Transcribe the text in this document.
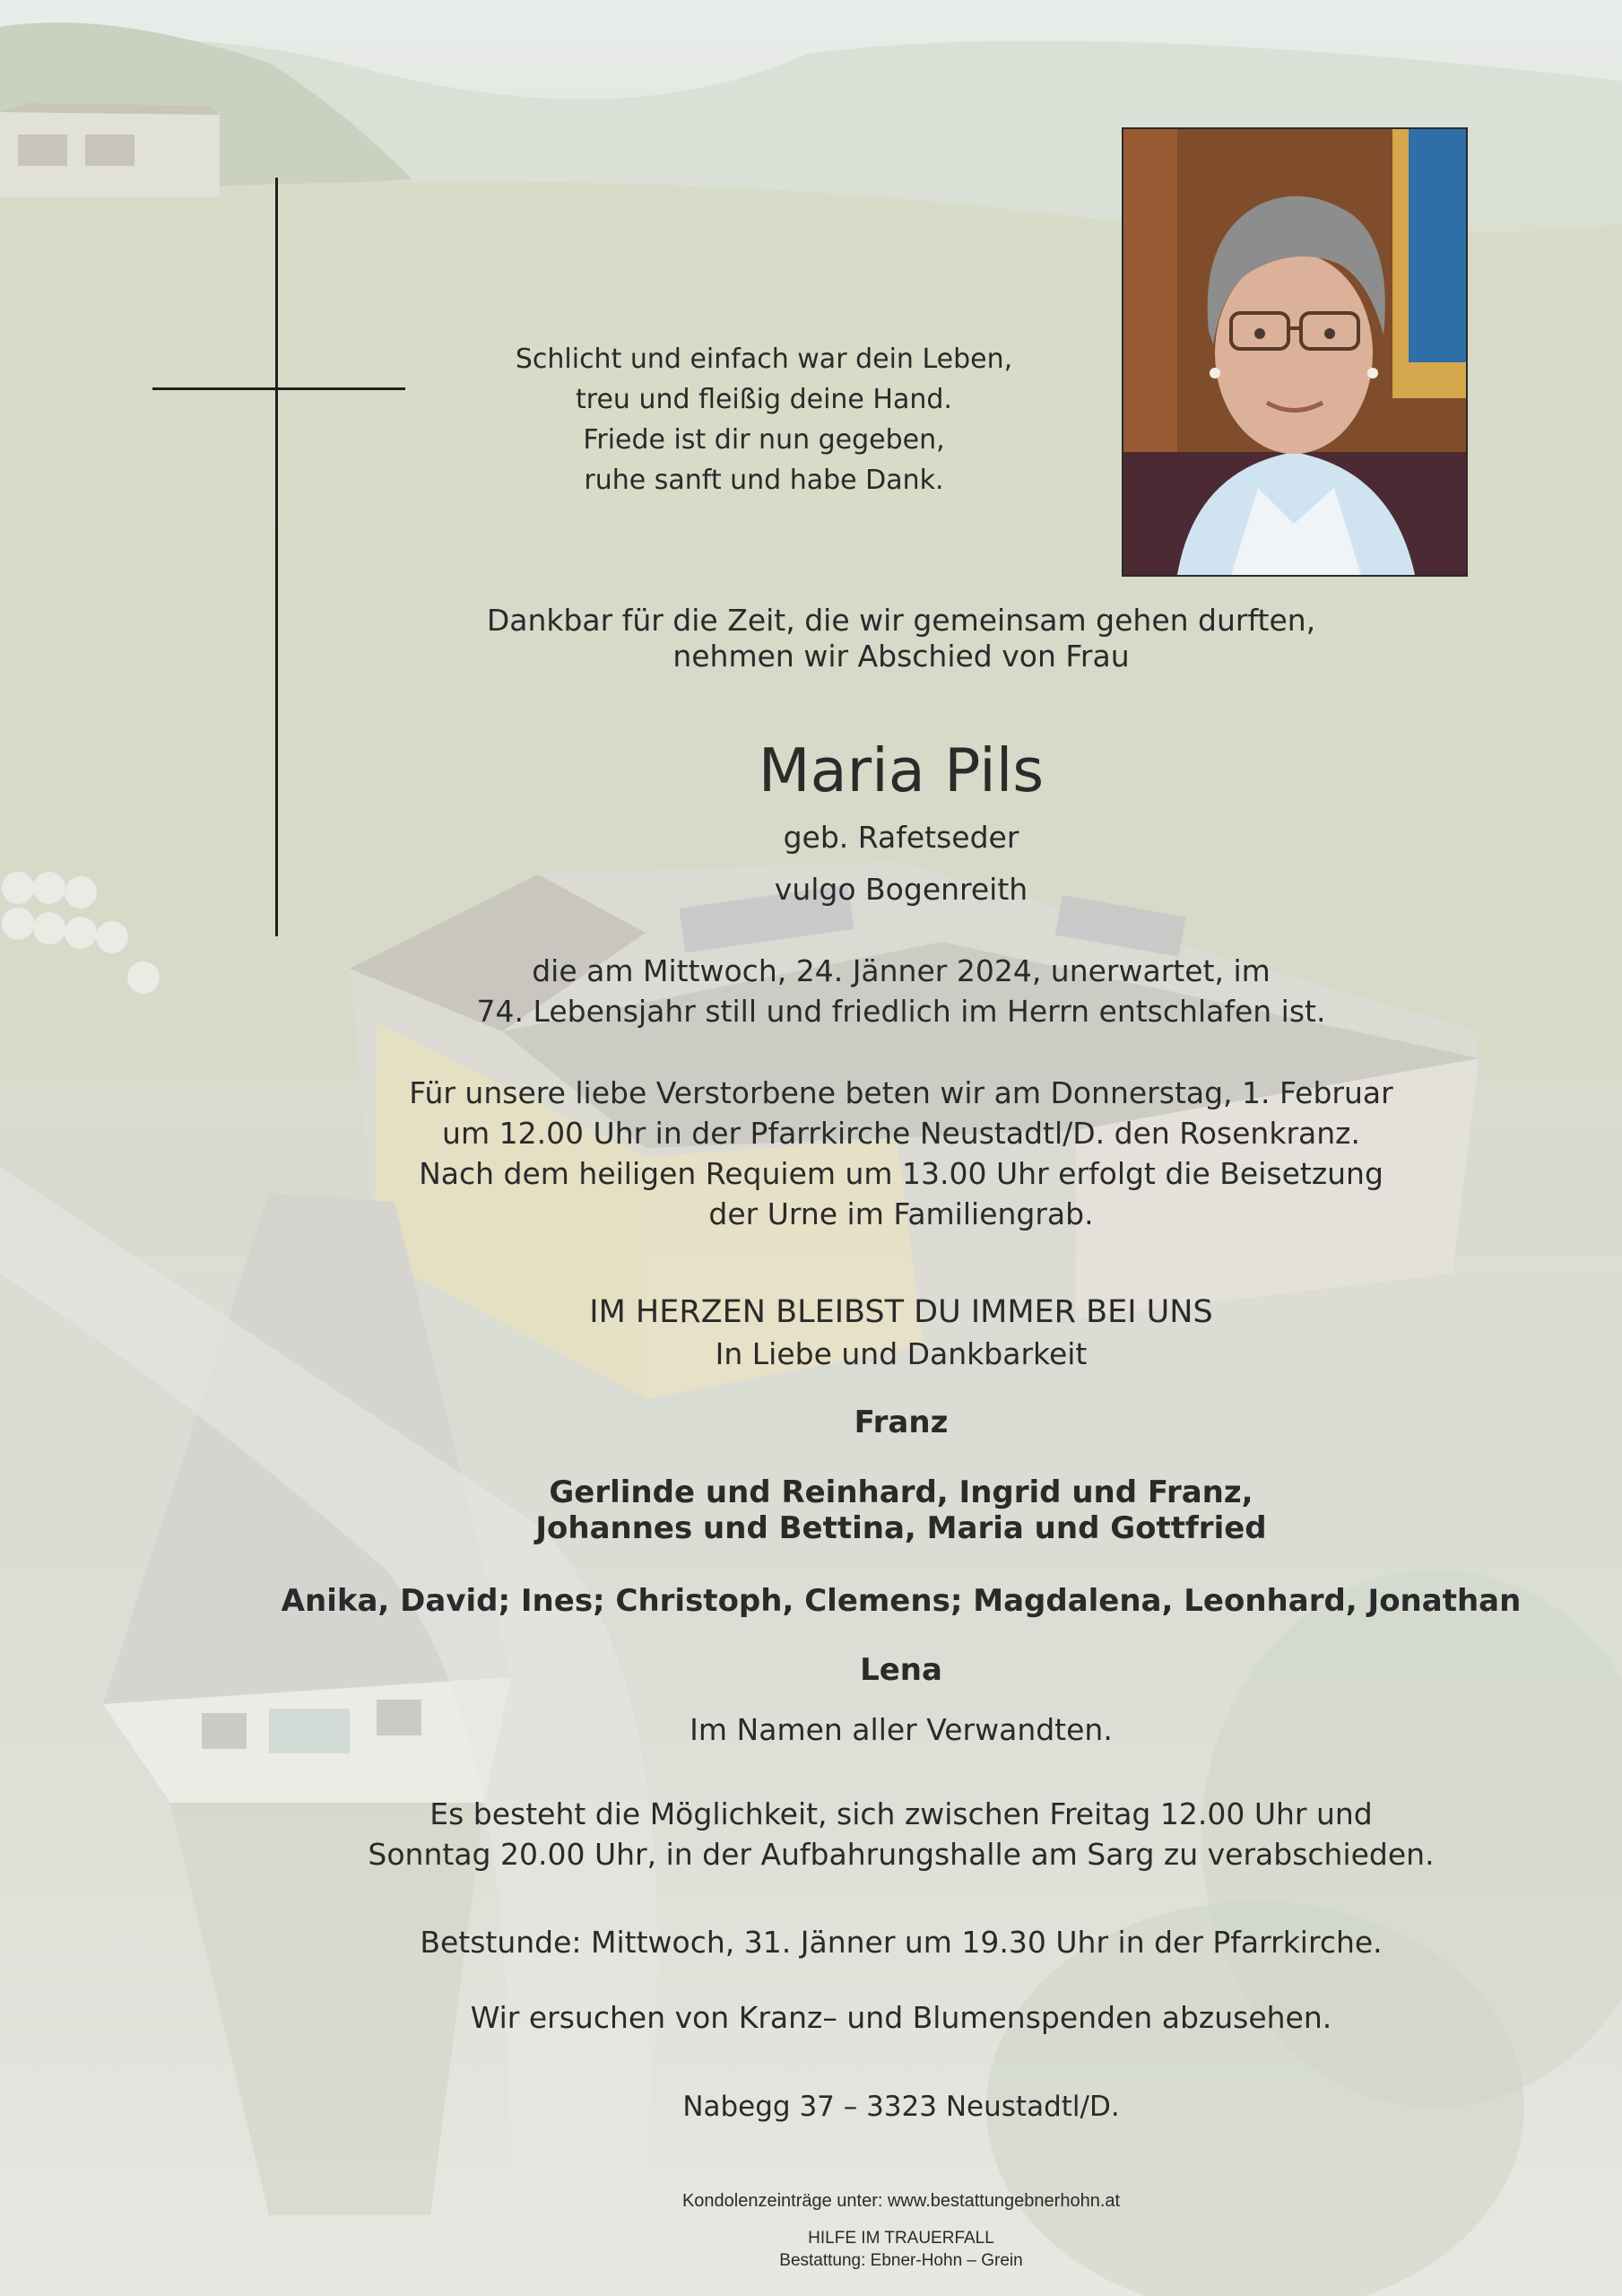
Schlicht und einfach war dein Leben,
treu und fleißig deine Hand.
Friede ist dir nun gegeben,
ruhe sanft und habe Dank.
Dankbar für die Zeit, die wir gemeinsam gehen durften,
nehmen wir Abschied von Frau
Maria Pils
geb. Rafetseder
vulgo Bogenreith
die am Mittwoch, 24. Jänner 2024, unerwartet, im
74. Lebensjahr still und friedlich im Herrn entschlafen ist.
Für unsere liebe Verstorbene beten wir am Donnerstag, 1. Februar
um 12.00 Uhr in der Pfarrkirche Neustadtl/D. den Rosenkranz.
Nach dem heiligen Requiem um 13.00 Uhr erfolgt die Beisetzung
der Urne im Familiengrab.
IM HERZEN BLEIBST DU IMMER BEI UNS
In Liebe und Dankbarkeit
Franz
Gerlinde und Reinhard, Ingrid und Franz,
Johannes und Bettina, Maria und Gottfried
Anika, David; Ines; Christoph, Clemens; Magdalena, Leonhard, Jonathan
Lena
Im Namen aller Verwandten.
Es besteht die Möglichkeit, sich zwischen Freitag 12.00 Uhr und
Sonntag 20.00 Uhr, in der Aufbahrungshalle am Sarg zu verabschieden.
Betstunde: Mittwoch, 31. Jänner um 19.30 Uhr in der Pfarrkirche.
Wir ersuchen von Kranz– und Blumenspenden abzusehen.
Nabegg 37 – 3323 Neustadtl/D.
Kondolenzeinträge unter: www.bestattungebnerhohn.at
HILFE IM TRAUERFALL
Bestattung: Ebner-Hohn – Grein
